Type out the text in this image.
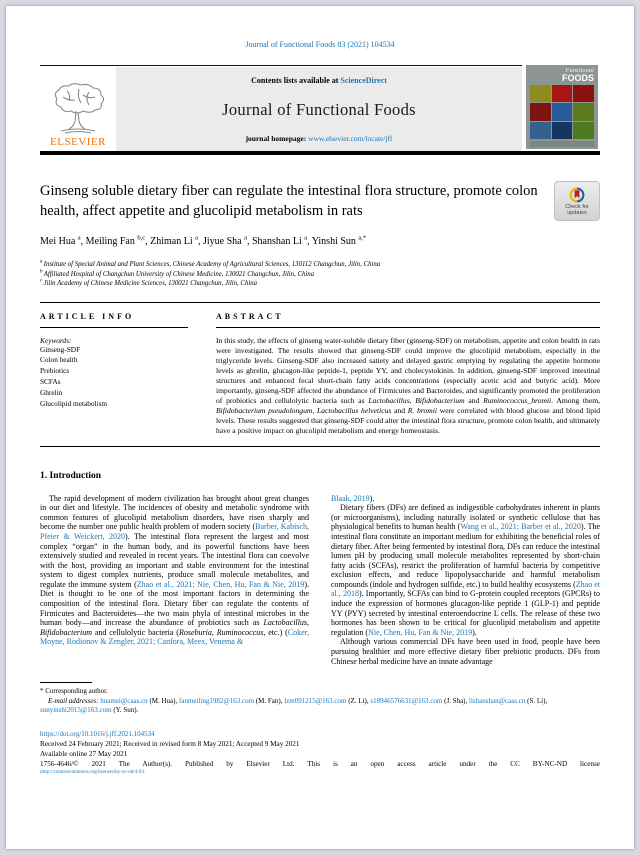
Journal of Functional Foods 83 (2021) 104534
ELSEVIER
Contents lists available at ScienceDirect
Journal of Functional Foods
journal homepage: www.elsevier.com/locate/jff
Functional
FOODS
Ginseng soluble dietary fiber can regulate the intestinal flora structure, promote colon health, affect appetite and glucolipid metabolism in rats	Check for
updates
Mei Hua $^a$, Meiling Fan $^{b,c}$, Zhiman Li $^a$, Jiyue Sha $^a$, Shanshan Li $^a$, Yinshi Sun $^{a,*}$
$^a$ Institute of Special Animal and Plant Sciences, Chinese Academy of Agricultural Sciences, 130112 Changchun, Jilin, China
$^b$ Affiliated Hospital of Changchun University of Chinese Medicine, 130021 Changchun, Jilin, China
$^c$ Jilin Academy of Chinese Medicine Sciences, 130021 Changchun, Jilin, China
ARTICLE INFO
Keywords:
Ginseng-SDF
Colon health
Prebiotics
SCFAs
Ghrelin
Glucolipid metabolism
ABSTRACT
In this study, the effects of ginseng water-soluble dietary fiber (ginseng-SDF) on metabolism, appetite and colon health in rats were investigated. The results showed that ginseng-SDF could improve the glucolipid metabolism, especially in the triglyceride levels. Ginseng-SDF also increased satiety and delayed gastric emptying by regulating the appetite hormone levels as ghrelin, glucagon-like peptide-1, peptide YY, and cholecystokinin. In addition, ginseng-SDF improved intestinal structures and enhanced fecal short-chain fatty acids concentrations (especially acetic acid and butyric acid). More importantly, ginseng-SDF affected the abundance of Firmicutes and Bacteroides, and significantly promoted the proliferation of probiotics and cellulolytic bacteria such as Lactobacillus, Bifidobacterium and Ruminococcus_bromii. Among them, Bifidobacterium pseudolongum, Lactobacillus helveticus and R. bromii were correlated with blood glucose and blood lipid levels. These results suggested that ginseng-SDF could alter the intestinal flora structure, promote colon health, and ultimately have a positive impact on glucolipid metabolism and energy homeostasis.
1. Introduction
The rapid development of modern civilization has brought about great changes in our diet and lifestyle. The incidences of obesity and metabolic syndrome with common features of glucolipid metabolism disorders, have risen sharply and become the number one public health problem of modern society (Barber, Kabisch, Pfeier & Weickert, 2020). The intestinal flora represent the largest and most complex “organ” in the human body, and its powerful functions have been extensively studied and revealed in recent years. The intestinal flora can coevolve with the host, providing an important and stable environment for the intestinal system to digest complex nutrients, produce small molecule metabolites, and regulate the immune system (Zhao et al., 2021; Nie, Chen, Hu, Fan & Nie, 2019). Diet is thought to be one of the most important factors in determining the composition of the intestinal flora. Dietary fiber can regulate the contents of Firmicutes and Bacteroidetes—the two main phyla of intestinal microbes in the human body—and increase the abundance of probiotics such as Lactobacillus, Bifidobacterium and cellulolytic bacteria (Roseburia, Ruminococcus, etc.) (Coker, Moyne, Rodionov & Zengler, 2021; Canfora, Meex, Venema &
Blaak, 2019).
Dietary fibers (DFs) are defined as indigestible carbohydrates inherent in plants (or microorganisms), including naturally isolated or synthetic cellulose that has physiological benefits to human health (Wang et al., 2021; Barber et al., 2020). The intestinal flora constitute an important medium for exhibiting the beneficial roles of dietary fiber. After being fermented by intestinal flora, DFs can reduce the intestinal lumen pH by producing small molecule metabolites represented by short-chain fatty acids (SCFAs), restrict the proliferation of harmful bacteria by competitive exclusion effects, and reduce lipopolysaccharide and harmful metabolism compounds (indole and hydrogen sulfide, etc.) to build healthy ecosystems (Zhao et al., 2018). Importantly, SCFAs can bind to G-protein coupled receptors (GPCRs) to induce the expression of hormones glucagon-like peptide 1 (GLP-1) and peptide YY (PYY) secreted by intestinal enteroendocrine L cells. The release of these two hormones has been shown to be critical for glucolipid metabolism and appetite regulation (Nie, Chen, Hu, Fan & Nie, 2019).
Although various commercial DFs have been used in food, people have been pursuing healthier and more effective dietary fiber prebiotic products. DFs from Chinese herbal medicine have an innate advantage
* Corresponding author.
E-mail addresses: huamei@caas.cn (M. Hua), fanmeiling1982@163.com (M. Fan), lzm091215@163.com (Z. Li), s18946576631@163.com (J. Sha), lishanshan@caas.cn (S. Li), sunyinshi2015@163.com (Y. Sun).
https://doi.org/10.1016/j.jff.2021.104534
Received 24 February 2021; Received in revised form 8 May 2021; Accepted 9 May 2021
Available online 27 May 2021
1756-4646/© 2021 The Author(s). Published by Elsevier Ltd. This is an open access article under the CC BY-NC-ND license
(http://creativecommons.org/licenses/by-nc-nd/4.0/).
